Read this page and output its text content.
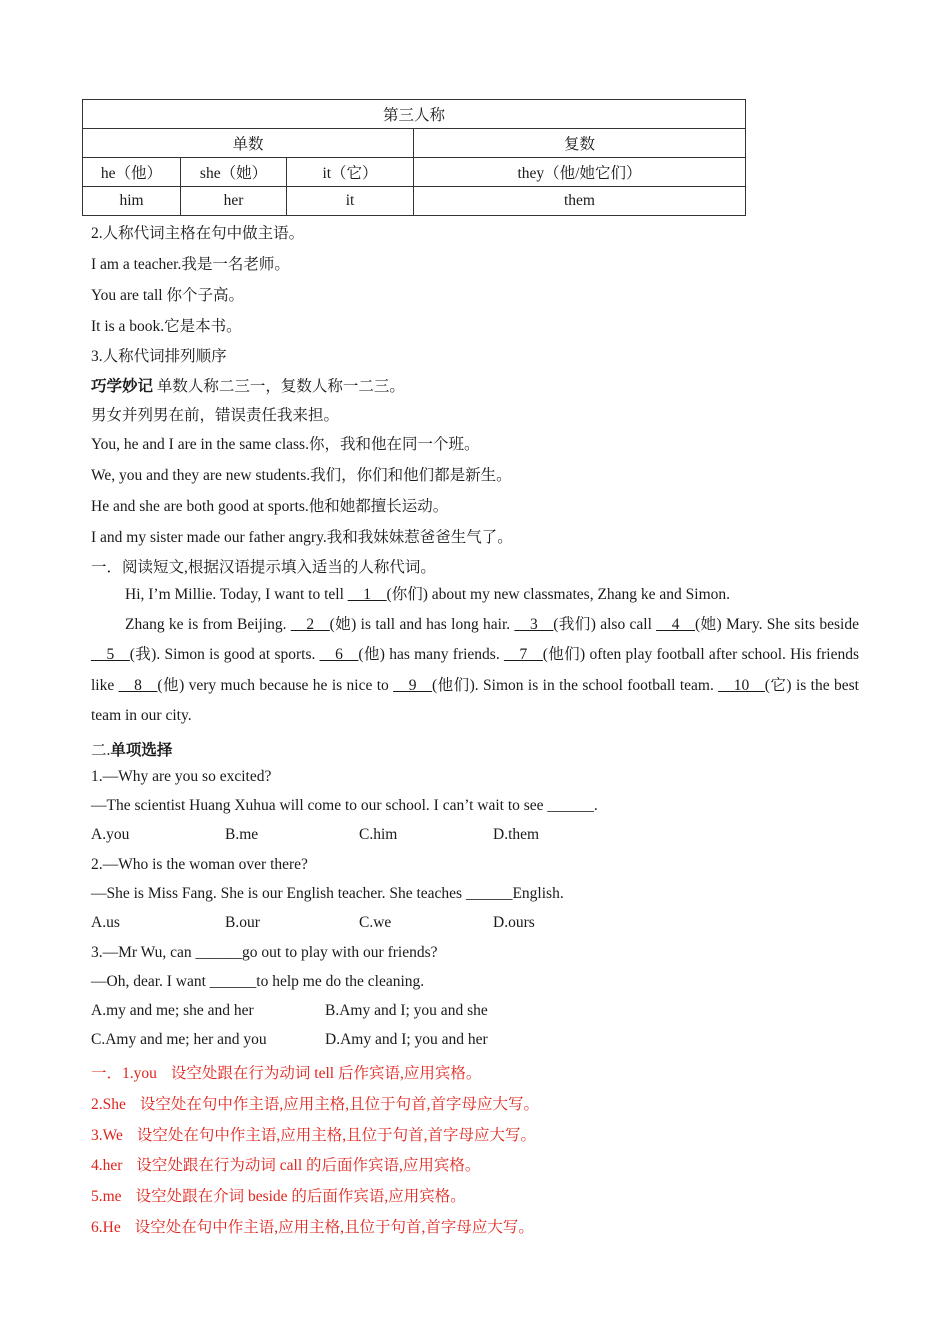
第三人称			
单数			复数
he（他）	she（她）	it（它）	they（他/她它们）
him	her	it	them
2.人称代词主格在句中做主语。
I am a teacher.我是一名老师。
You are tall 你个子高。
It is a book.它是本书。
3.人称代词排列顺序
巧学妙记 单数人称二三一，复数人称一二三。
男女并列男在前，错误责任我来担。
You, he and I are in the same class.你，我和他在同一个班。
We, you and they are new students.我们，你们和他们都是新生。
He and she are both good at sports.他和她都擅长运动。
I and my sister made our father angry.我和我妹妹惹爸爸生气了。
一．阅读短文,根据汉语提示填入适当的人称代词。
Hi, I’m Millie. Today, I want to tell __1__(你们) about my new classmates, Zhang ke and Simon.
Zhang ke is from Beijing. __2__(她) is tall and has long hair. __3__(我们) also call __4__(她) Mary. She sits beside __5__(我). Simon is good at sports. __6__(他) has many friends. __7__(他们) often play football after school. His friends like __8__(他) very much because he is nice to __9__(他们). Simon is in the school football team. __10__(它) is the best team in our city.
二.单项选择
1.—Why are you so excited?
—The scientist Huang Xuhua will come to our school. I can’t wait to see ______.
A.you	B.me	C.him	D.them
2.—Who is the woman over there?
—She is Miss Fang. She is our English teacher. She teaches ______English.
A.us	B.our	C.we	D.ours
3.—Mr Wu, can ______go out to play with our friends?
—Oh, dear. I want ______to help me do the cleaning.
A.my and me; she and her	B.Amy and I; you and she
C.Amy and me; her and you	D.Amy and I; you and her
一．1.you 设空处跟在行为动词 tell 后作宾语,应用宾格。
2.She 设空处在句中作主语,应用主格,且位于句首,首字母应大写。
3.We 设空处在句中作主语,应用主格,且位于句首,首字母应大写。
4.her 设空处跟在行为动词 call 的后面作宾语,应用宾格。
5.me 设空处跟在介词 beside 的后面作宾语,应用宾格。
6.He 设空处在句中作主语,应用主格,且位于句首,首字母应大写。
